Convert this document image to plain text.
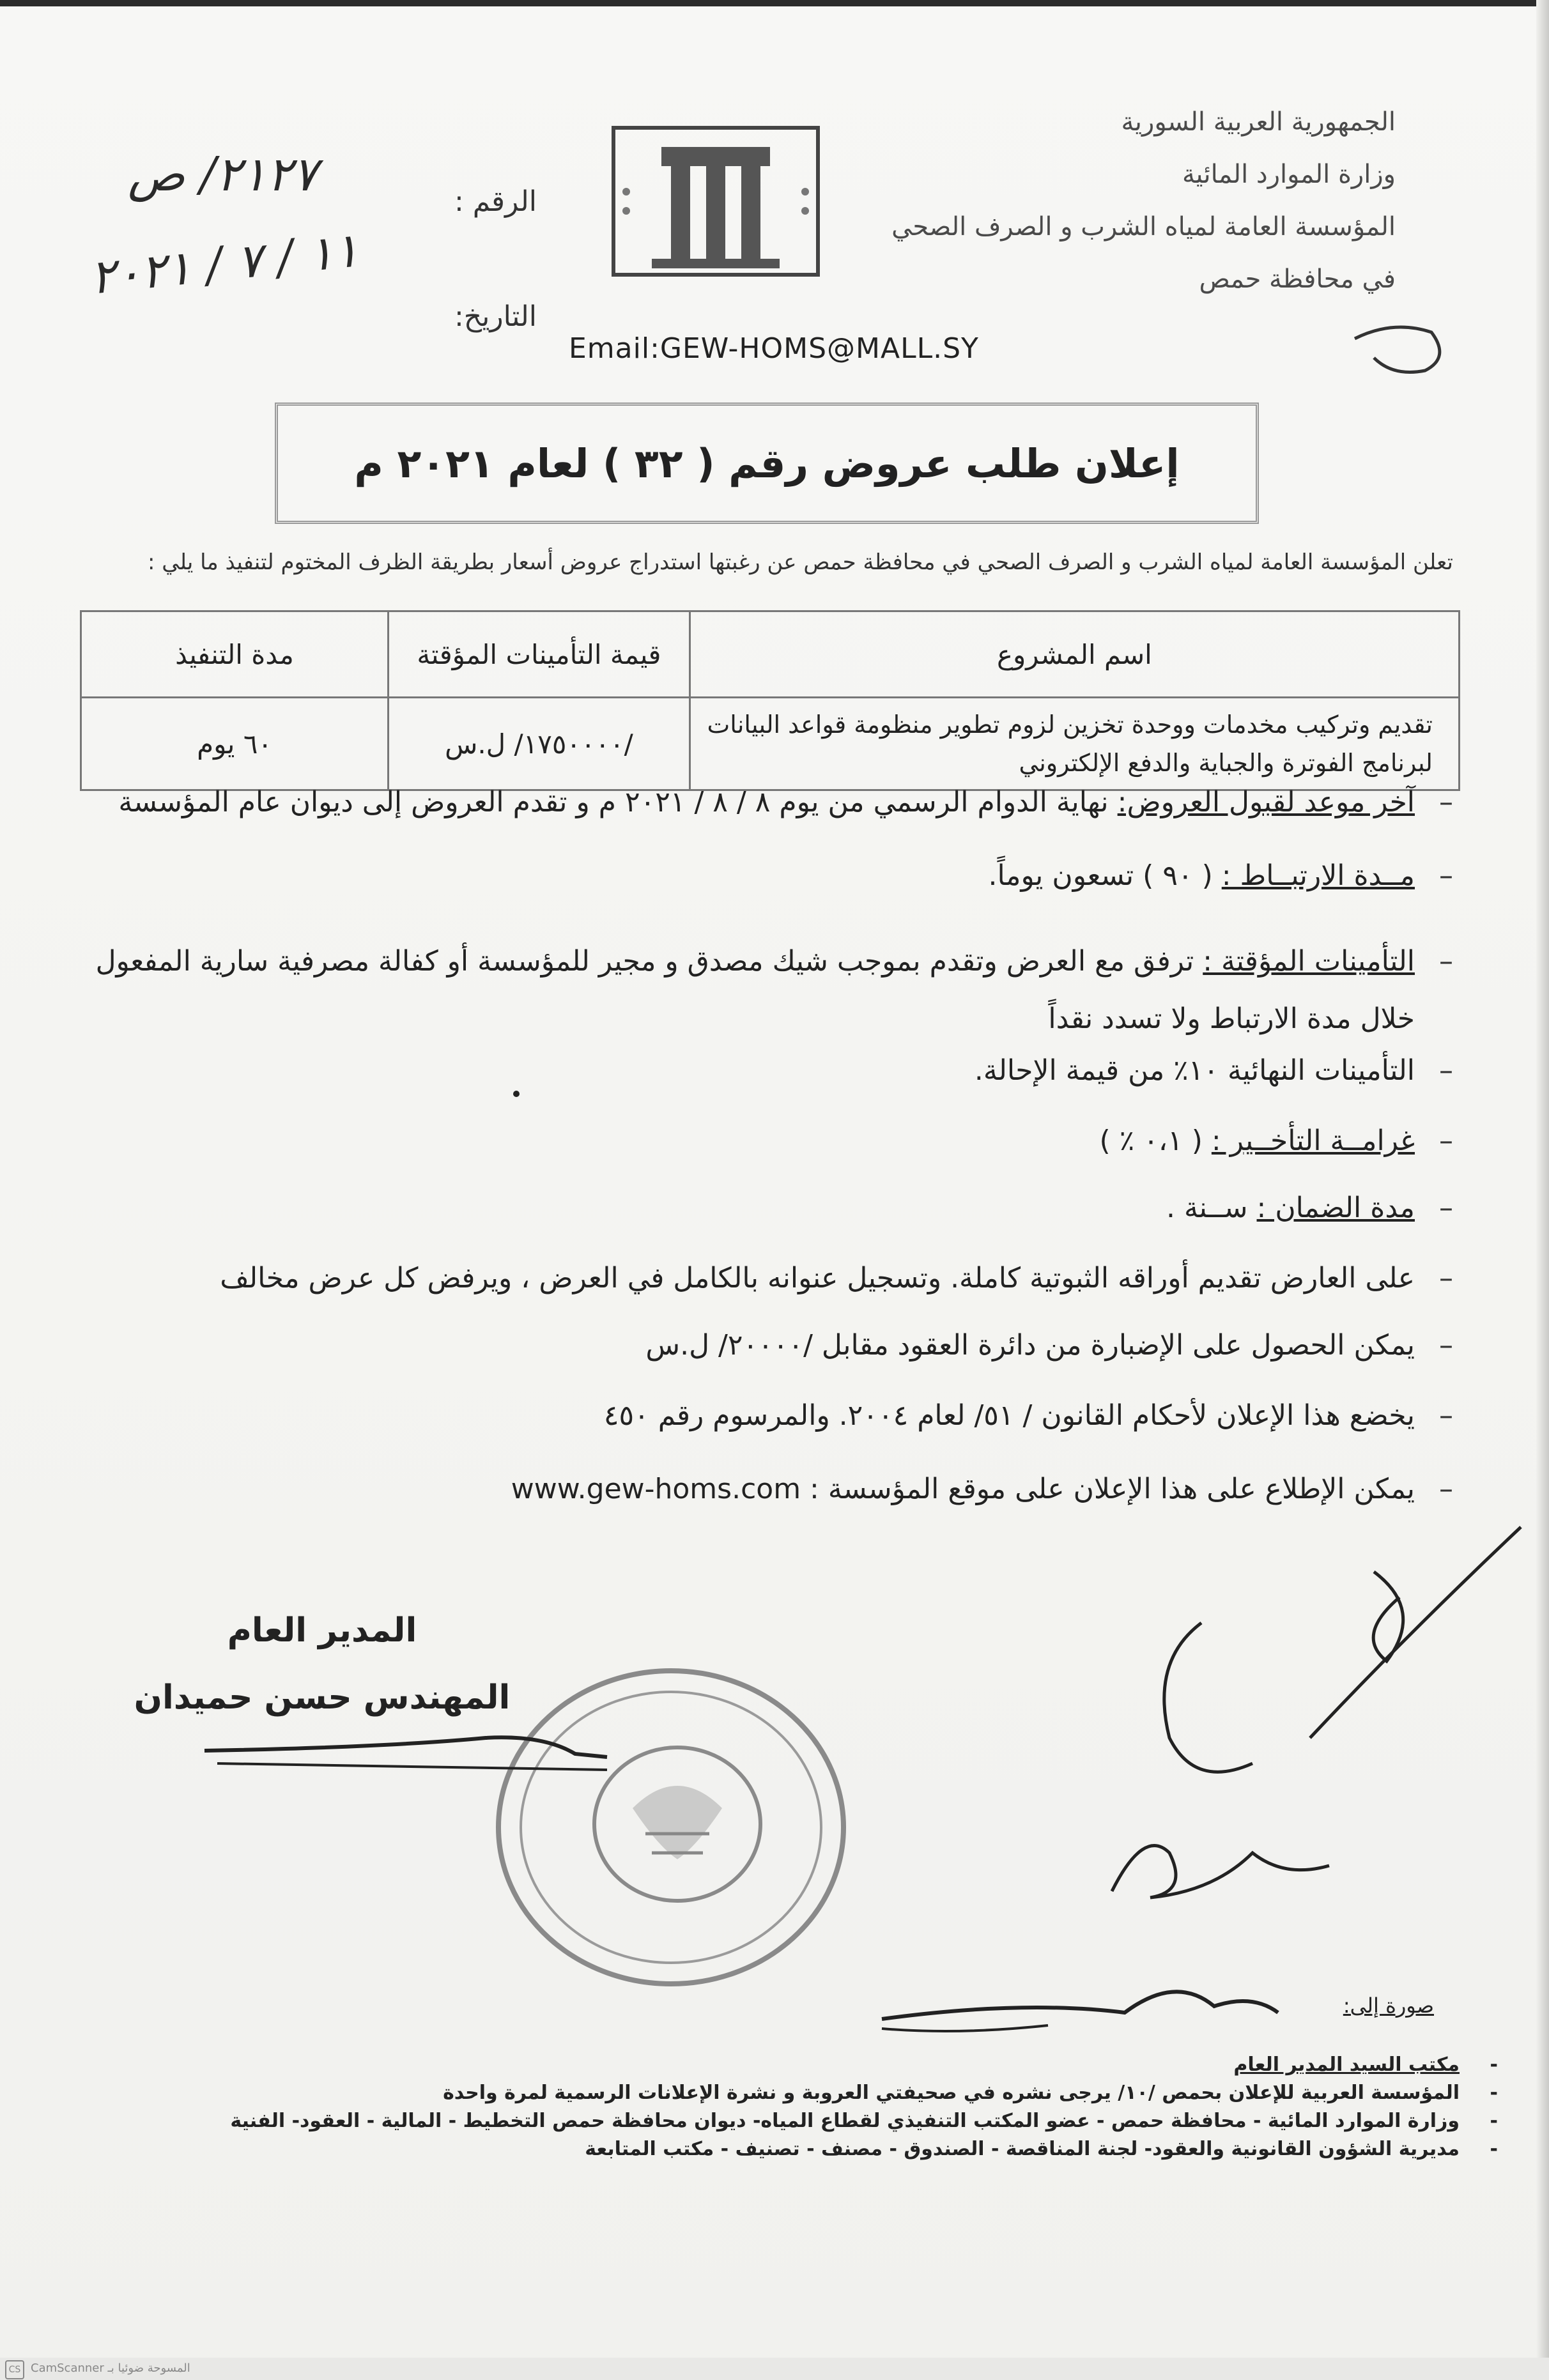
الجمهورية العربية السورية
وزارة الموارد المائية
المؤسسة العامة لمياه الشرب و الصرف الصحي
في محافظة حمص
الرقم :
التاريخ:
٢١٢٧/ ص
١١ / ٧ / ٢٠٢١
Email:GEW-HOMS@MALL.SY
إعلان طلب عروض رقم ( ٣٢ ) لعام ٢٠٢١ م
تعلن المؤسسة العامة لمياه الشرب و الصرف الصحي في محافظة حمص عن رغبتها استدراج عروض أسعار بطريقة الظرف المختوم لتنفيذ ما يلي :
اسم المشروع	قيمة التأمينات المؤقتة	مدة التنفيذ
تقديم وتركيب مخدمات ووحدة تخزين لزوم تطوير منظومة قواعد البيانات لبرنامج الفوترة والجباية والدفع الإلكتروني	/١٧٥٠٠٠٠/ ل.س	٦٠ يوم
– آخر موعد لقبول العروض: نهاية الدوام الرسمي من يوم ٨ / ٨ / ٢٠٢١ م و تقدم العروض إلى ديوان عام المؤسسة
– مــدة الارتبــاط : ( ٩٠ ) تسعون يوماً.
– التأمينات المؤقتة : ترفق مع العرض وتقدم بموجب شيك مصدق و مجير للمؤسسة أو كفالة مصرفية سارية المفعول خلال مدة الارتباط ولا تسدد نقداً
– التأمينات النهائية ١٠٪ من قيمة الإحالة.
– غرامــة التأخــير : ( ٠،١ ٪ )
– مدة الضمان : ســنة .
– على العارض تقديم أوراقه الثبوتية كاملة. وتسجيل عنوانه بالكامل في العرض ، ويرفض كل عرض مخالف
– يمكن الحصول على الإضبارة من دائرة العقود مقابل /٢٠٠٠٠/ ل.س
– يخضع هذا الإعلان لأحكام القانون / ٥١/ لعام ٢٠٠٤. والمرسوم رقم ٤٥٠
– يمكن الإطلاع على هذا الإعلان على موقع المؤسسة : www.gew-homs.com
المدير العام
المهندس حسن حميدان
صورة إلى:
- مكتب السيد المدير العام
- المؤسسة العربية للإعلان بحمص /١٠/ يرجى نشره في صحيفتي العروبة و نشرة الإعلانات الرسمية لمرة واحدة
- وزارة الموارد المائية - محافظة حمص - عضو المكتب التنفيذي لقطاع المياه- ديوان محافظة حمص التخطيط - المالية - العقود- الفنية
- مديرية الشؤون القانونية والعقود- لجنة المناقصة - الصندوق - مصنف - تصنيف - مكتب المتابعة
CS CamScanner المسوحة ضوئيا بـ
